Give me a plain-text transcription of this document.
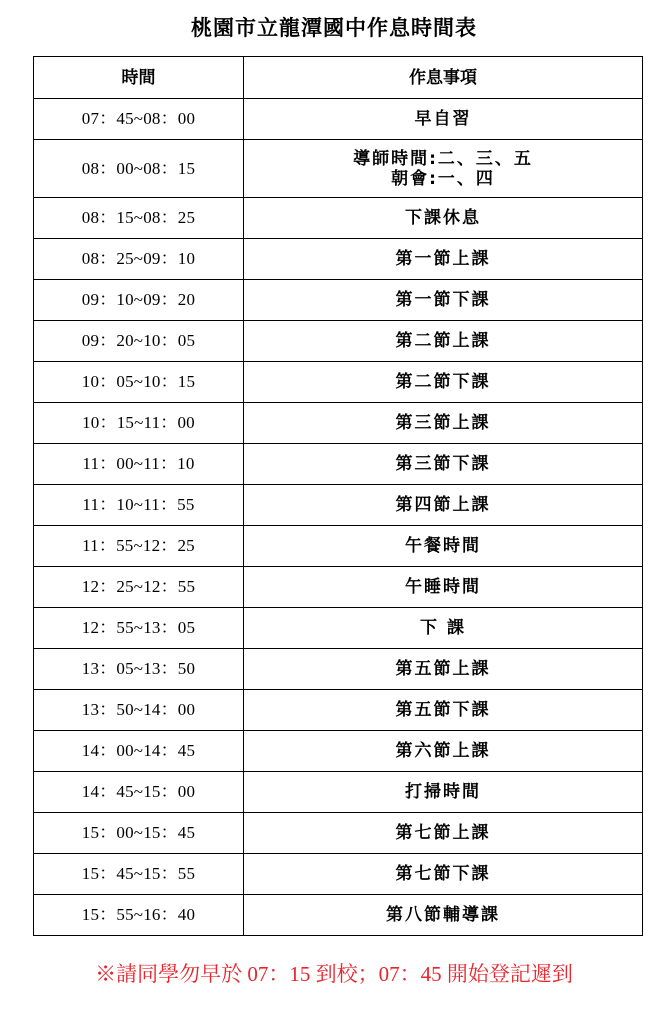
桃園市立龍潭國中作息時間表
時間	作息事項
07：45~08：00	早自習
08：00~08：15	導師時間:二、三、五
朝會:一、四
08：15~08：25	下課休息
08：25~09：10	第一節上課
09：10~09：20	第一節下課
09：20~10：05	第二節上課
10：05~10：15	第二節下課
10：15~11：00	第三節上課
11：00~11：10	第三節下課
11：10~11：55	第四節上課
11：55~12：25	午餐時間
12：25~12：55	午睡時間
12：55~13：05	下 課
13：05~13：50	第五節上課
13：50~14：00	第五節下課
14：00~14：45	第六節上課
14：45~15：00	打掃時間
15：00~15：45	第七節上課
15：45~15：55	第七節下課
15：55~16：40	第八節輔導課
※請同學勿早於 07：15 到校；07：45 開始登記遲到
